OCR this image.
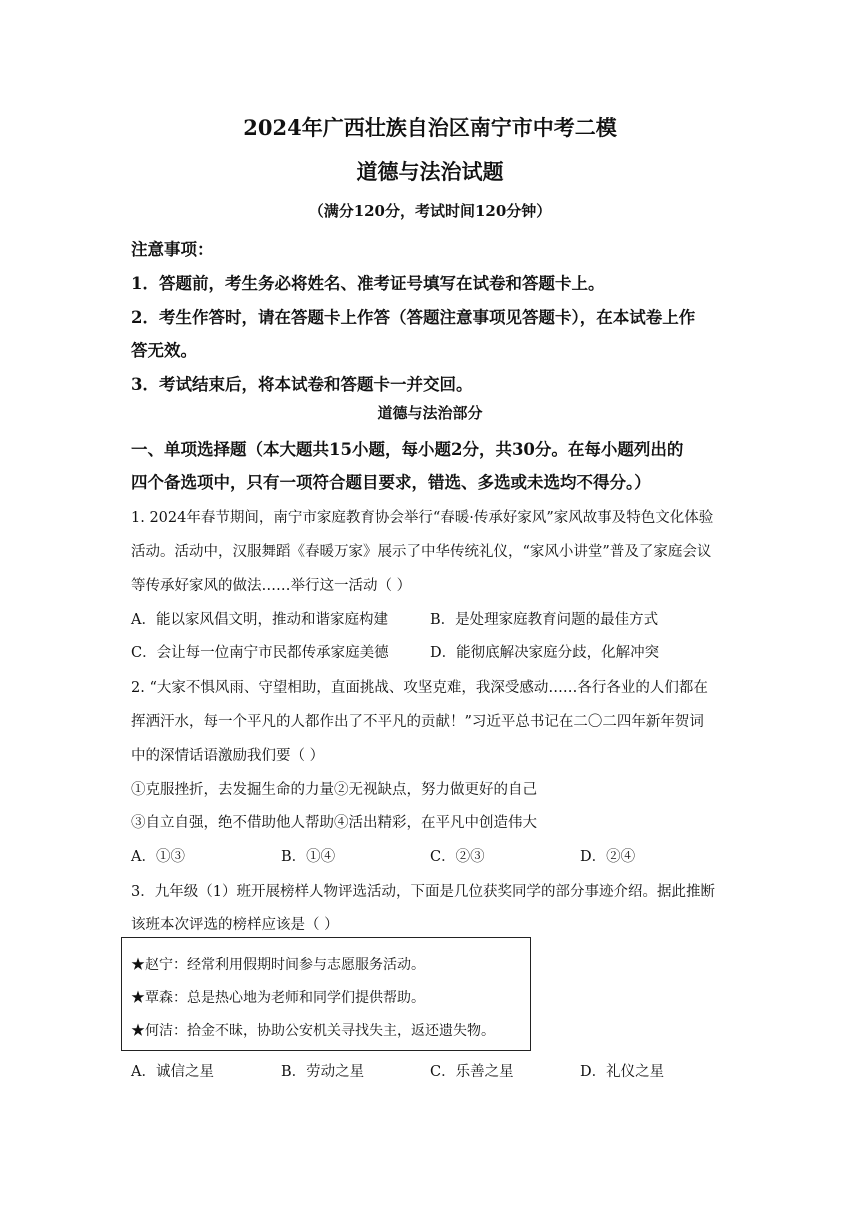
2024年广西壮族自治区南宁市中考二模
道德与法治试题
（满分120分，考试时间120分钟）
注意事项：
1．答题前，考生务必将姓名、准考证号填写在试卷和答题卡上。
2．考生作答时，请在答题卡上作答（答题注意事项见答题卡），在本试卷上作
答无效。
3．考试结束后，将本试卷和答题卡一并交回。
道德与法治部分
一、单项选择题（本大题共15小题，每小题2分，共30分。在每小题列出的
四个备选项中，只有一项符合题目要求，错选、多选或未选均不得分。）
1. 2024年春节期间，南宁市家庭教育协会举行“春暖·传承好家风”家风故事及特色文化体验
活动。活动中，汉服舞蹈《春暖万家》展示了中华传统礼仪，“家风小讲堂”普及了家庭会议
等传承好家风的做法……举行这一活动（ ）
A．能以家风倡文明，推动和谐家庭构建	B．是处理家庭教育问题的最佳方式
C．会让每一位南宁市民都传承家庭美德	D．能彻底解决家庭分歧，化解冲突
2. “大家不惧风雨、守望相助，直面挑战、攻坚克难，我深受感动……各行各业的人们都在
挥洒汗水，每一个平凡的人都作出了不平凡的贡献！”习近平总书记在二〇二四年新年贺词
中的深情话语激励我们要（ ）
①克服挫折，去发掘生命的力量②无视缺点，努力做更好的自己
③自立自强，绝不借助他人帮助④活出精彩，在平凡中创造伟大
A．①③	B．①④	C．②③	D．②④
3．九年级（1）班开展榜样人物评选活动，下面是几位获奖同学的部分事迹介绍。据此推断
该班本次评选的榜样应该是（ ）
★赵宁：经常利用假期时间参与志愿服务活动。
★覃森：总是热心地为老师和同学们提供帮助。
★何洁：拾金不昧，协助公安机关寻找失主，返还遗失物。
A．诚信之星	B．劳动之星	C．乐善之星	D．礼仪之星
